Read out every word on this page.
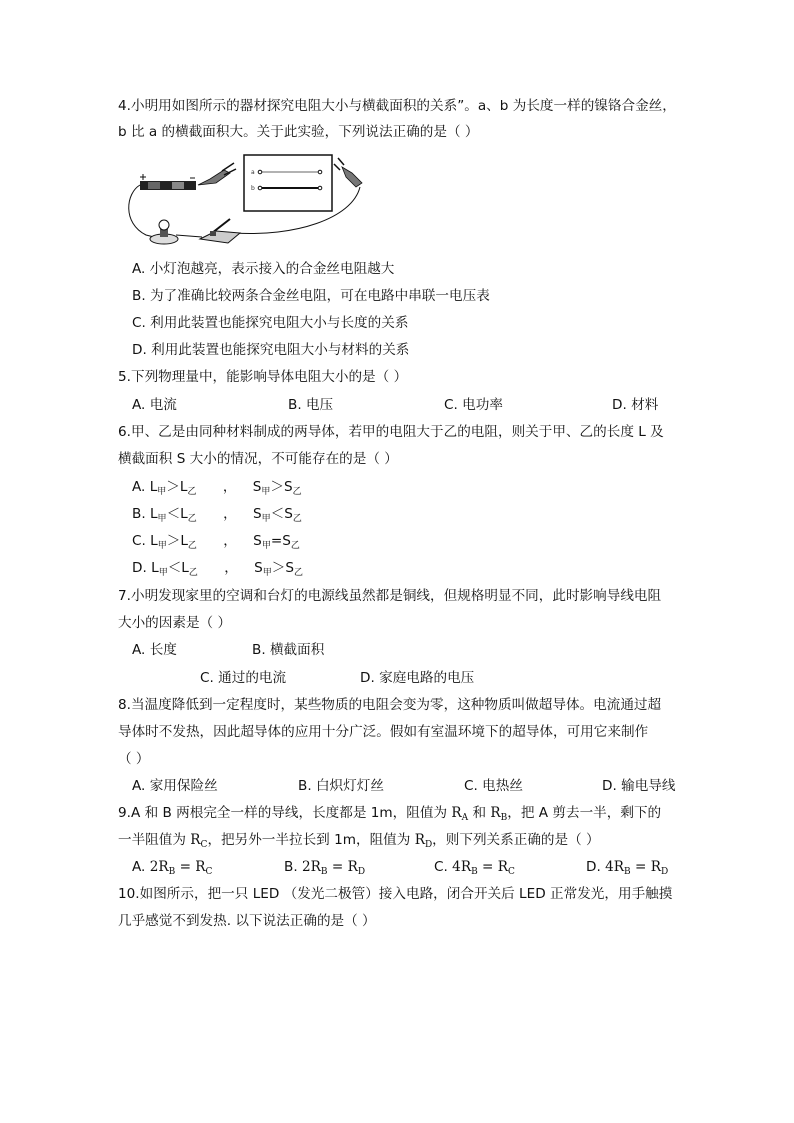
4.小明用如图所示的器材探究电阻大小与横截面积的关系”。a、b 为长度一样的镍铬合金丝，
b 比 a 的横截面积大。关于此实验，下列说法正确的是（ ）
a
b
A. 小灯泡越亮，表示接入的合金丝电阻越大
B. 为了准确比较两条合金丝电阻，可在电路中串联一电压表
C. 利用此装置也能探究电阻大小与长度的关系
D. 利用此装置也能探究电阻大小与材料的关系
5.下列物理量中，能影响导体电阻大小的是（ ）
A. 电流	B. 电压	C. 电功率	D. 材料
6.甲、乙是由同种材料制成的两导体，若甲的电阻大于乙的电阻，则关于甲、乙的长度 L 及
横截面积 S 大小的情况，不可能存在的是（ ）
A. $L_甲>L_乙$ ， $S_甲>S_乙$
B. $L_甲<L_乙$ ， $S_甲<S_乙$
C. $L_甲>L_乙$ ， $S_甲=S_乙$
D. $L_甲<L_乙$ ， $S_甲>S_乙$
7.小明发现家里的空调和台灯的电源线虽然都是铜线，但规格明显不同，此时影响导线电阻
大小的因素是（ ）
A. 长度	B. 横截面积
C. 通过的电流	D. 家庭电路的电压
8.当温度降低到一定程度时，某些物质的电阻会变为零，这种物质叫做超导体。电流通过超
导体时不发热，因此超导体的应用十分广泛。假如有室温环境下的超导体，可用它来制作
（ ）
A. 家用保险丝	B. 白炽灯灯丝	C. 电热丝	D. 输电导线
9.A 和 B 两根完全一样的导线，长度都是 1m，阻值为 $R_A$ 和 $R_B$，把 A 剪去一半，剩下的
一半阻值为 $R_C$，把另外一半拉长到 1m，阻值为 $R_D$，则下列关系正确的是（ ）
A. $2R_B = R_C$	B. $2R_B = R_D$	C. $4R_B = R_C$	D. $4R_B = R_D$
10.如图所示，把一只 LED （发光二极管）接入电路，闭合开关后 LED 正常发光，用手触摸
几乎感觉不到发热. 以下说法正确的是（ ）
